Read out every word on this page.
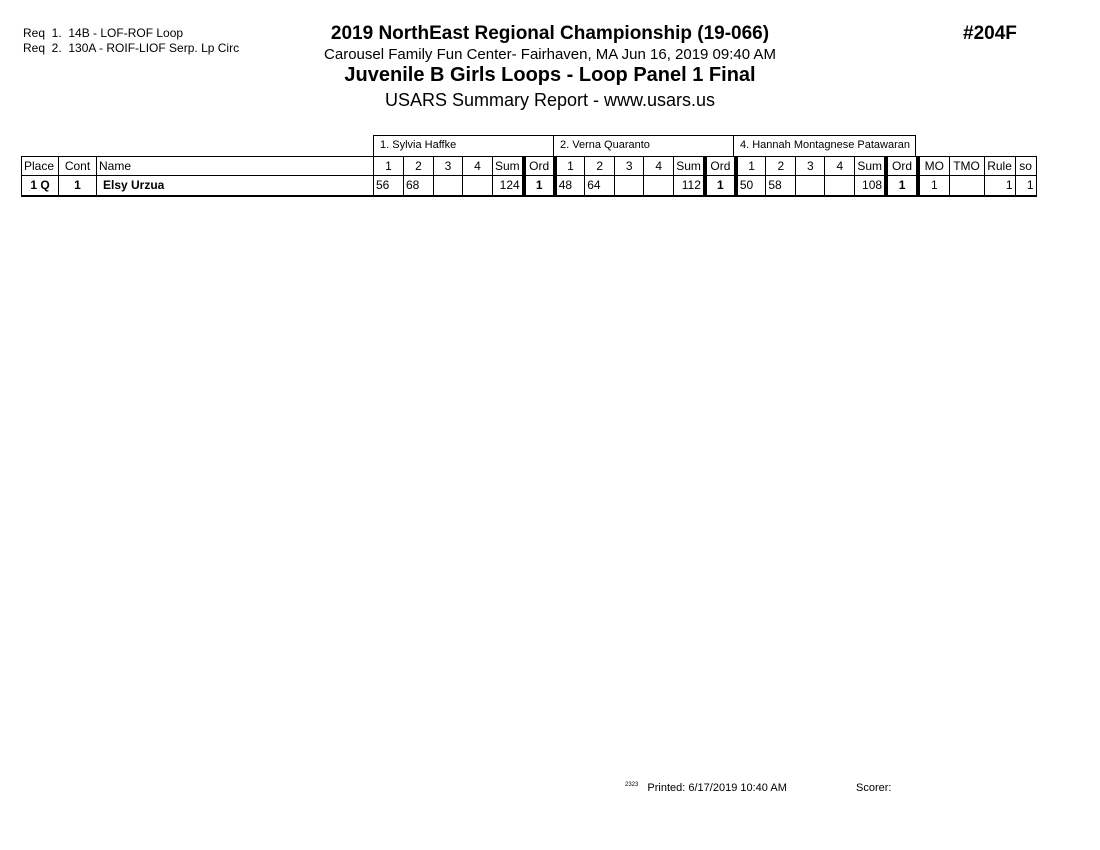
Req  1.  14B - LOF-ROF Loop
Req  2.  130A - ROIF-LIOF Serp. Lp Circ
2019 NorthEast Regional Championship (19-066)
Carousel Family Fun Center- Fairhaven, MA Jun 16, 2019 09:40 AM
Juvenile B Girls Loops - Loop Panel 1 Final
USARS Summary Report - www.usars.us
#204F
1. Sylvia Haffke	2. Verna Quaranto	4. Hannah Montagnese Patawaran
Place	Cont	Name	1	2	3	4	Sum	Ord	1	2	3	4	Sum	Ord	1	2	3	4	Sum	Ord	MO	TMO	Rule	so
1 Q	1	Elsy Urzua	56	68			124	1	48	64			112	1	50	58			108	1	1		1	1
$^{2323}$ Printed: 6/17/2019 10:40 AM	Scorer:
